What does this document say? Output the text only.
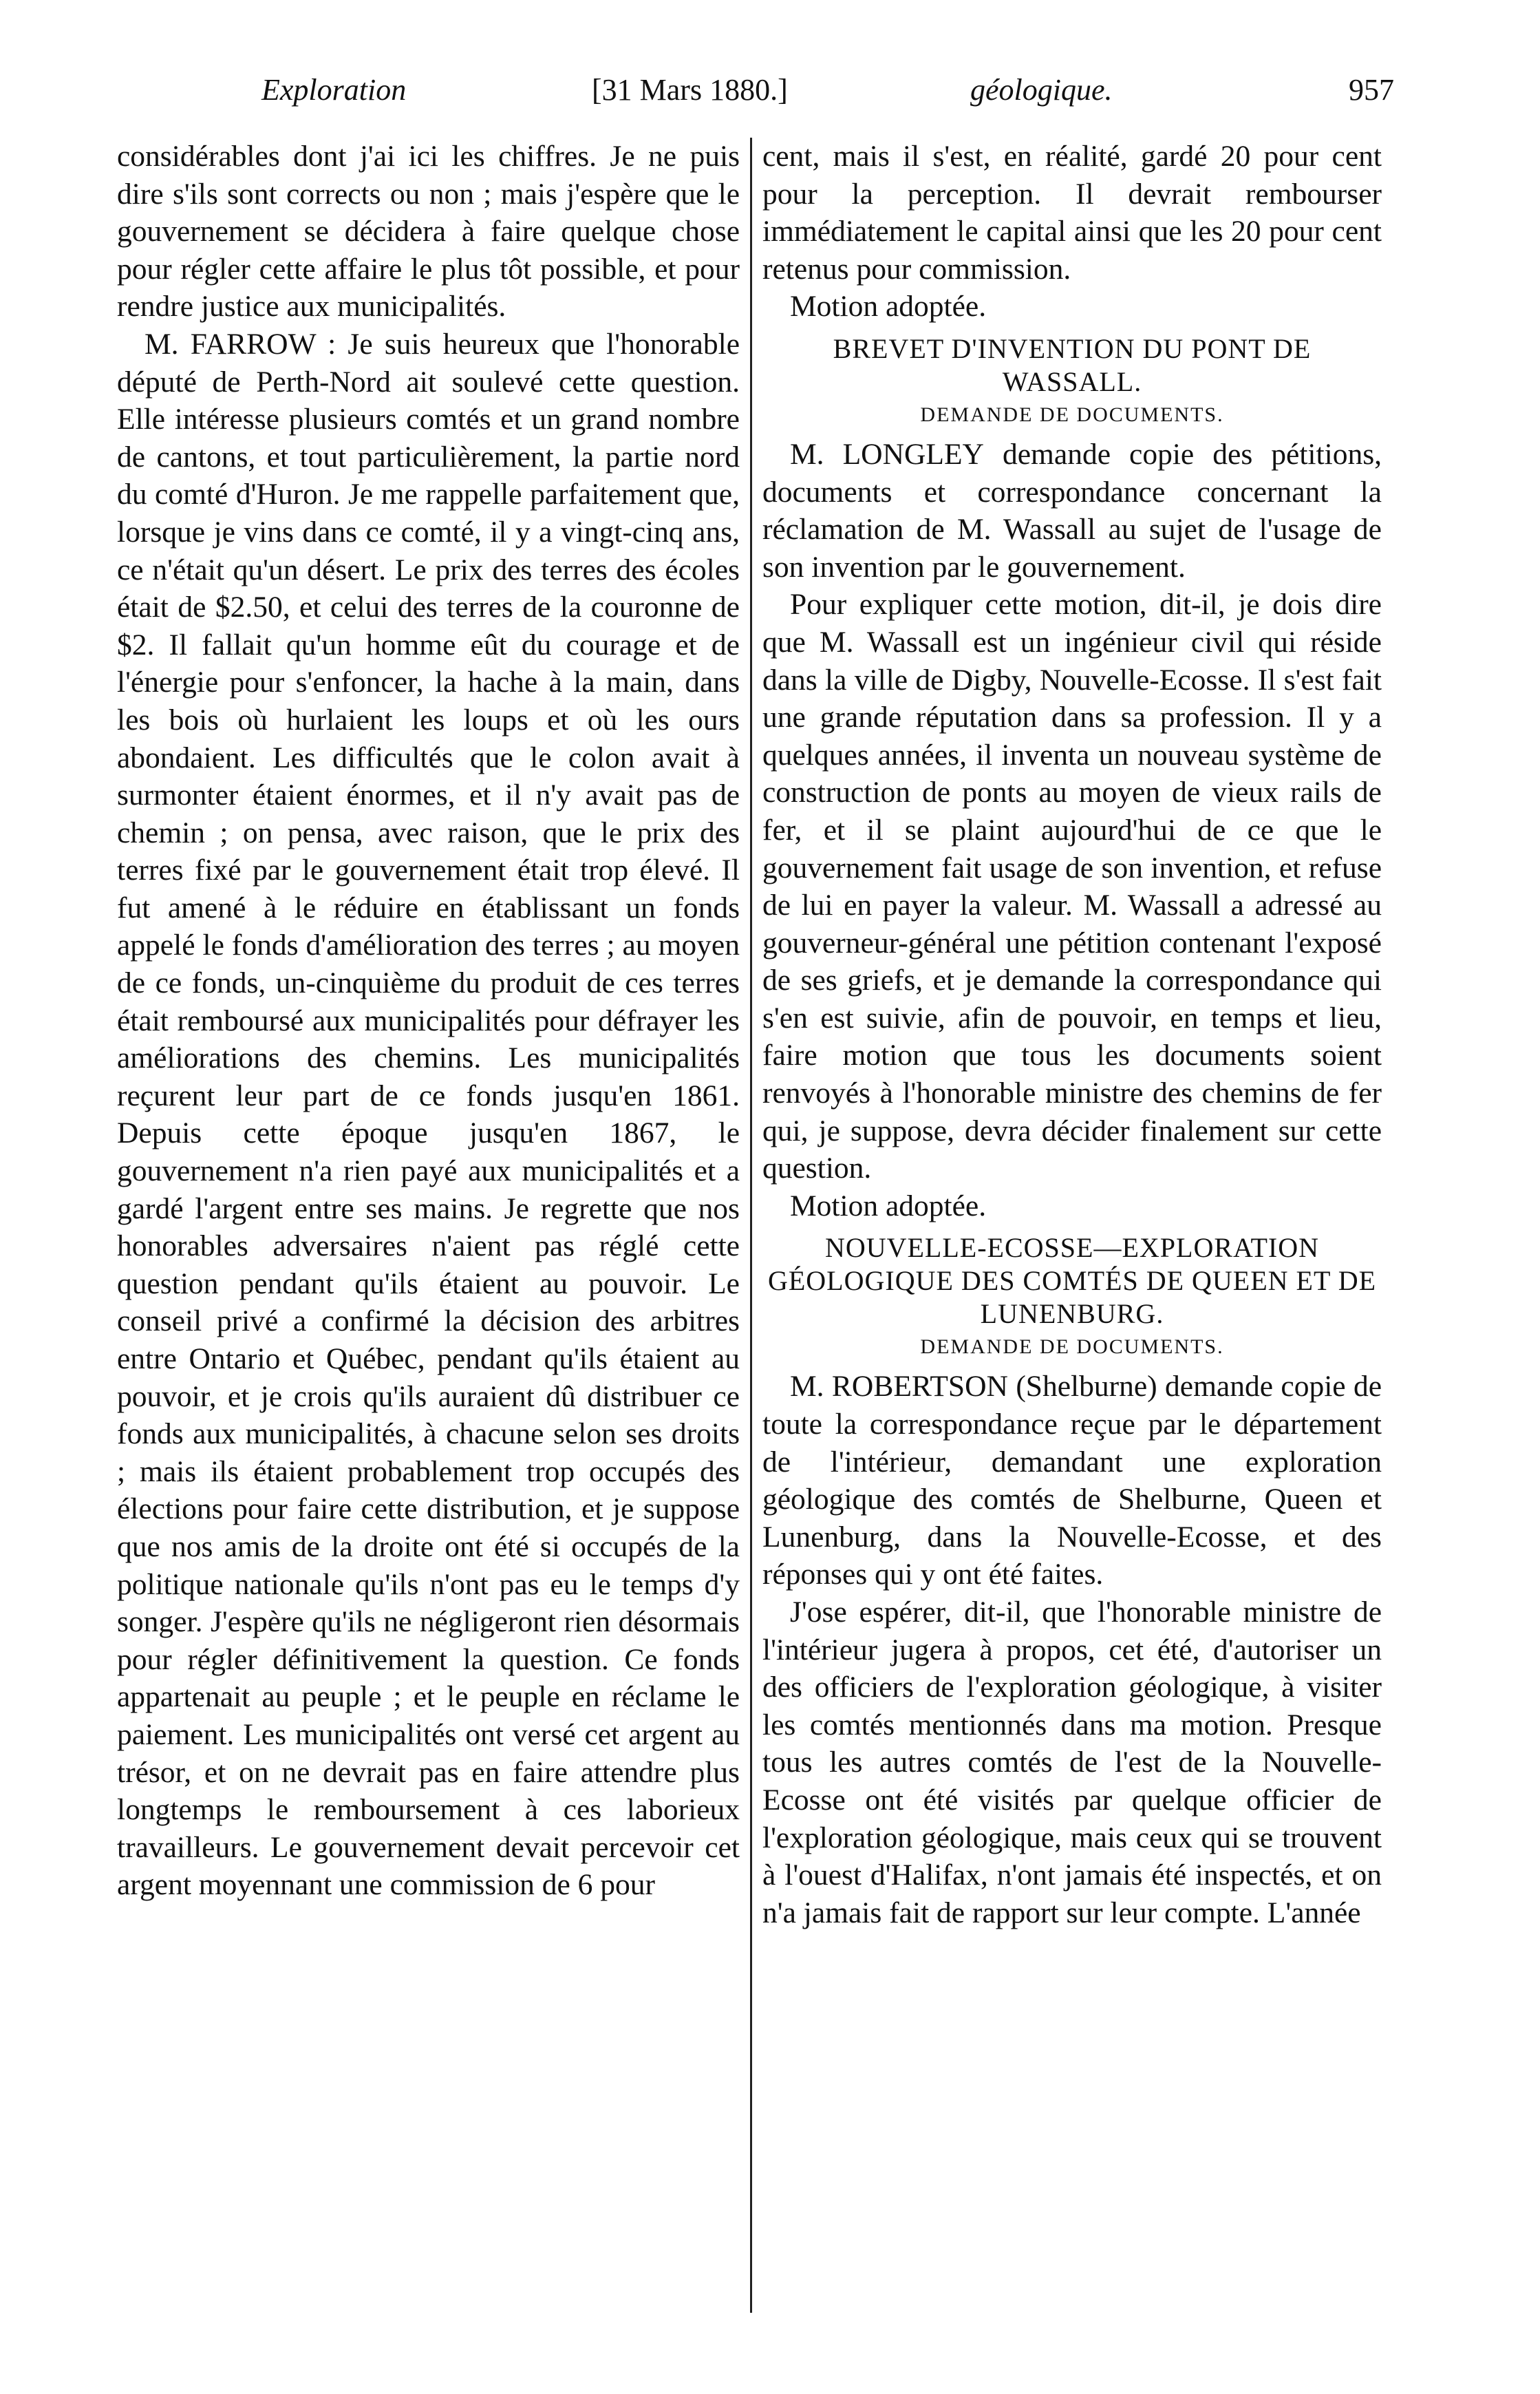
Exploration	[31 Mars 1880.]	géologique.	957

considérables dont j'ai ici les chiffres. Je ne puis dire s'ils sont corrects ou non ; mais j'espère que le gouvernement se décidera à faire quelque chose pour régler cette affaire le plus tôt possible, et pour rendre justice aux municipalités.

M. FARROW : Je suis heureux que l'honorable député de Perth-Nord ait soulevé cette question. Elle intéresse plusieurs comtés et un grand nombre de cantons, et tout particulièrement, la partie nord du comté d'Huron. Je me rappelle parfaitement que, lorsque je vins dans ce comté, il y a vingt-cinq ans, ce n'était qu'un désert. Le prix des terres des écoles était de $2.50, et celui des terres de la couronne de $2. Il fallait qu'un homme eût du courage et de l'énergie pour s'enfoncer, la hache à la main, dans les bois où hurlaient les loups et où les ours abondaient. Les difficultés que le colon avait à surmonter étaient énormes, et il n'y avait pas de chemin ; on pensa, avec raison, que le prix des terres fixé par le gouvernement était trop élevé. Il fut amené à le réduire en établissant un fonds appelé le fonds d'amélioration des terres ; au moyen de ce fonds, un-cinquième du produit de ces terres était remboursé aux municipalités pour défrayer les améliorations des chemins. Les municipalités reçurent leur part de ce fonds jusqu'en 1861. Depuis cette époque jusqu'en 1867, le gouvernement n'a rien payé aux municipalités et a gardé l'argent entre ses mains. Je regrette que nos honorables adversaires n'aient pas réglé cette question pendant qu'ils étaient au pouvoir. Le conseil privé a confirmé la décision des arbitres entre Ontario et Québec, pendant qu'ils étaient au pouvoir, et je crois qu'ils auraient dû distribuer ce fonds aux municipalités, à chacune selon ses droits ; mais ils étaient probablement trop occupés des élections pour faire cette distribution, et je suppose que nos amis de la droite ont été si occupés de la politique nationale qu'ils n'ont pas eu le temps d'y songer. J'espère qu'ils ne négligeront rien désormais pour régler définitivement la question. Ce fonds appartenait au peuple ; et le peuple en réclame le paiement. Les municipalités ont versé cet argent au trésor, et on ne devrait pas en faire attendre plus longtemps le remboursement à ces laborieux travailleurs. Le gouvernement devait percevoir cet argent moyennant une commission de 6 pour

cent, mais il s'est, en réalité, gardé 20 pour cent pour la perception. Il devrait rembourser immédiatement le capital ainsi que les 20 pour cent retenus pour commission.

Motion adoptée.

BREVET D'INVENTION DU PONT DE WASSALL.
DEMANDE DE DOCUMENTS.

M. LONGLEY demande copie des pétitions, documents et correspondance concernant la réclamation de M. Wassall au sujet de l'usage de son invention par le gouvernement.

Pour expliquer cette motion, dit-il, je dois dire que M. Wassall est un ingénieur civil qui réside dans la ville de Digby, Nouvelle-Ecosse. Il s'est fait une grande réputation dans sa profession. Il y a quelques années, il inventa un nouveau système de construction de ponts au moyen de vieux rails de fer, et il se plaint aujourd'hui de ce que le gouvernement fait usage de son invention, et refuse de lui en payer la valeur. M. Wassall a adressé au gouverneur-général une pétition contenant l'exposé de ses griefs, et je demande la correspondance qui s'en est suivie, afin de pouvoir, en temps et lieu, faire motion que tous les documents soient renvoyés à l'honorable ministre des chemins de fer qui, je suppose, devra décider finalement sur cette question.

Motion adoptée.

NOUVELLE-ECOSSE—EXPLORATION GÉOLOGIQUE DES COMTÉS DE QUEEN ET DE LUNENBURG.
DEMANDE DE DOCUMENTS.

M. ROBERTSON (Shelburne) demande copie de toute la correspondance reçue par le département de l'intérieur, demandant une exploration géologique des comtés de Shelburne, Queen et Lunenburg, dans la Nouvelle-Ecosse, et des réponses qui y ont été faites.

J'ose espérer, dit-il, que l'honorable ministre de l'intérieur jugera à propos, cet été, d'autoriser un des officiers de l'exploration géologique, à visiter les comtés mentionnés dans ma motion. Presque tous les autres comtés de l'est de la Nouvelle-Ecosse ont été visités par quelque officier de l'exploration géologique, mais ceux qui se trouvent à l'ouest d'Halifax, n'ont jamais été inspectés, et on n'a jamais fait de rapport sur leur compte. L'année
